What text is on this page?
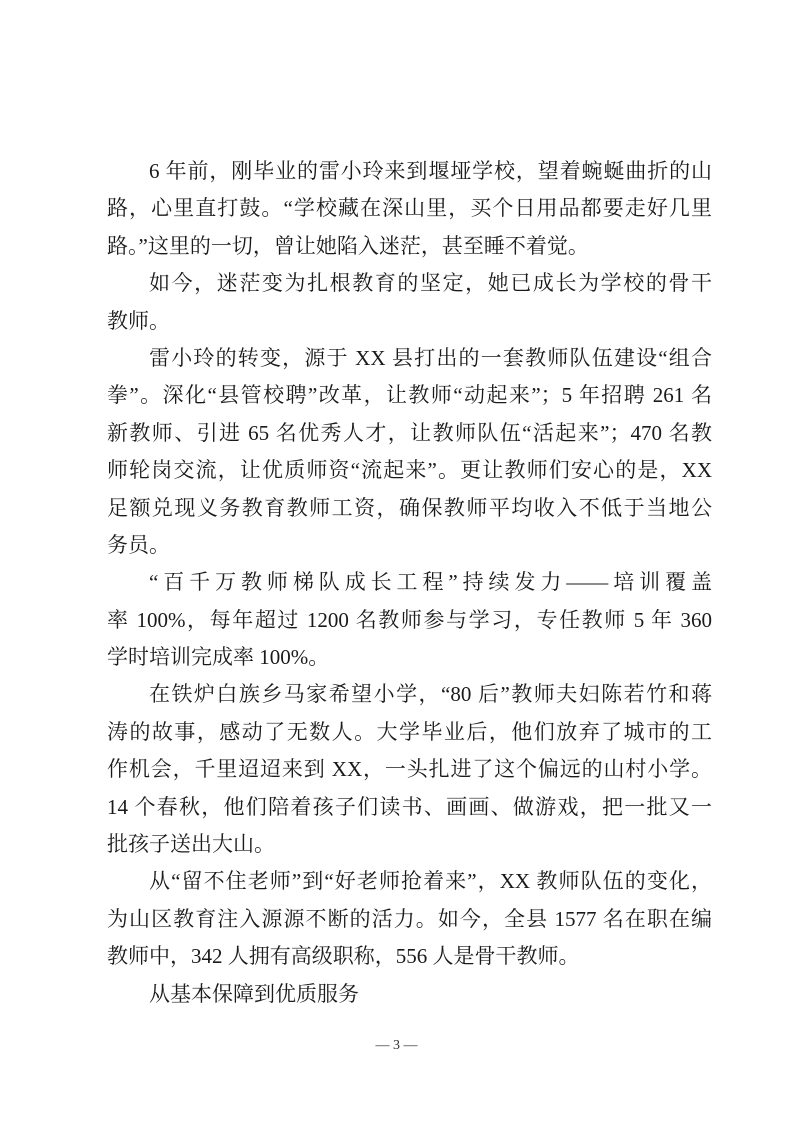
6 年前，刚毕业的雷小玲来到堰垭学校，望着蜿蜒曲折的山
路，心里直打鼓。“学校藏在深山里，买个日用品都要走好几里
路。”这里的一切，曾让她陷入迷茫，甚至睡不着觉。
如今，迷茫变为扎根教育的坚定，她已成长为学校的骨干
教师。
雷小玲的转变，源于 XX 县打出的一套教师队伍建设“组合
拳”。深化“县管校聘”改革，让教师“动起来”；5 年招聘 261 名
新教师、引进 65 名优秀人才，让教师队伍“活起来”；470 名教
师轮岗交流，让优质师资“流起来”。更让教师们安心的是，XX
足额兑现义务教育教师工资，确保教师平均收入不低于当地公
务员。
“百千万教师梯队成长工程”持续发力——培训覆盖
率 100%，每年超过 1200 名教师参与学习，专任教师 5 年 360
学时培训完成率 100%。
在铁炉白族乡马家希望小学，“80 后”教师夫妇陈若竹和蒋
涛的故事，感动了无数人。大学毕业后，他们放弃了城市的工
作机会，千里迢迢来到 XX，一头扎进了这个偏远的山村小学。
14 个春秋，他们陪着孩子们读书、画画、做游戏，把一批又一
批孩子送出大山。
从“留不住老师”到“好老师抢着来”，XX 教师队伍的变化，
为山区教育注入源源不断的活力。如今，全县 1577 名在职在编
教师中，342 人拥有高级职称，556 人是骨干教师。
从基本保障到优质服务
— 3 —
